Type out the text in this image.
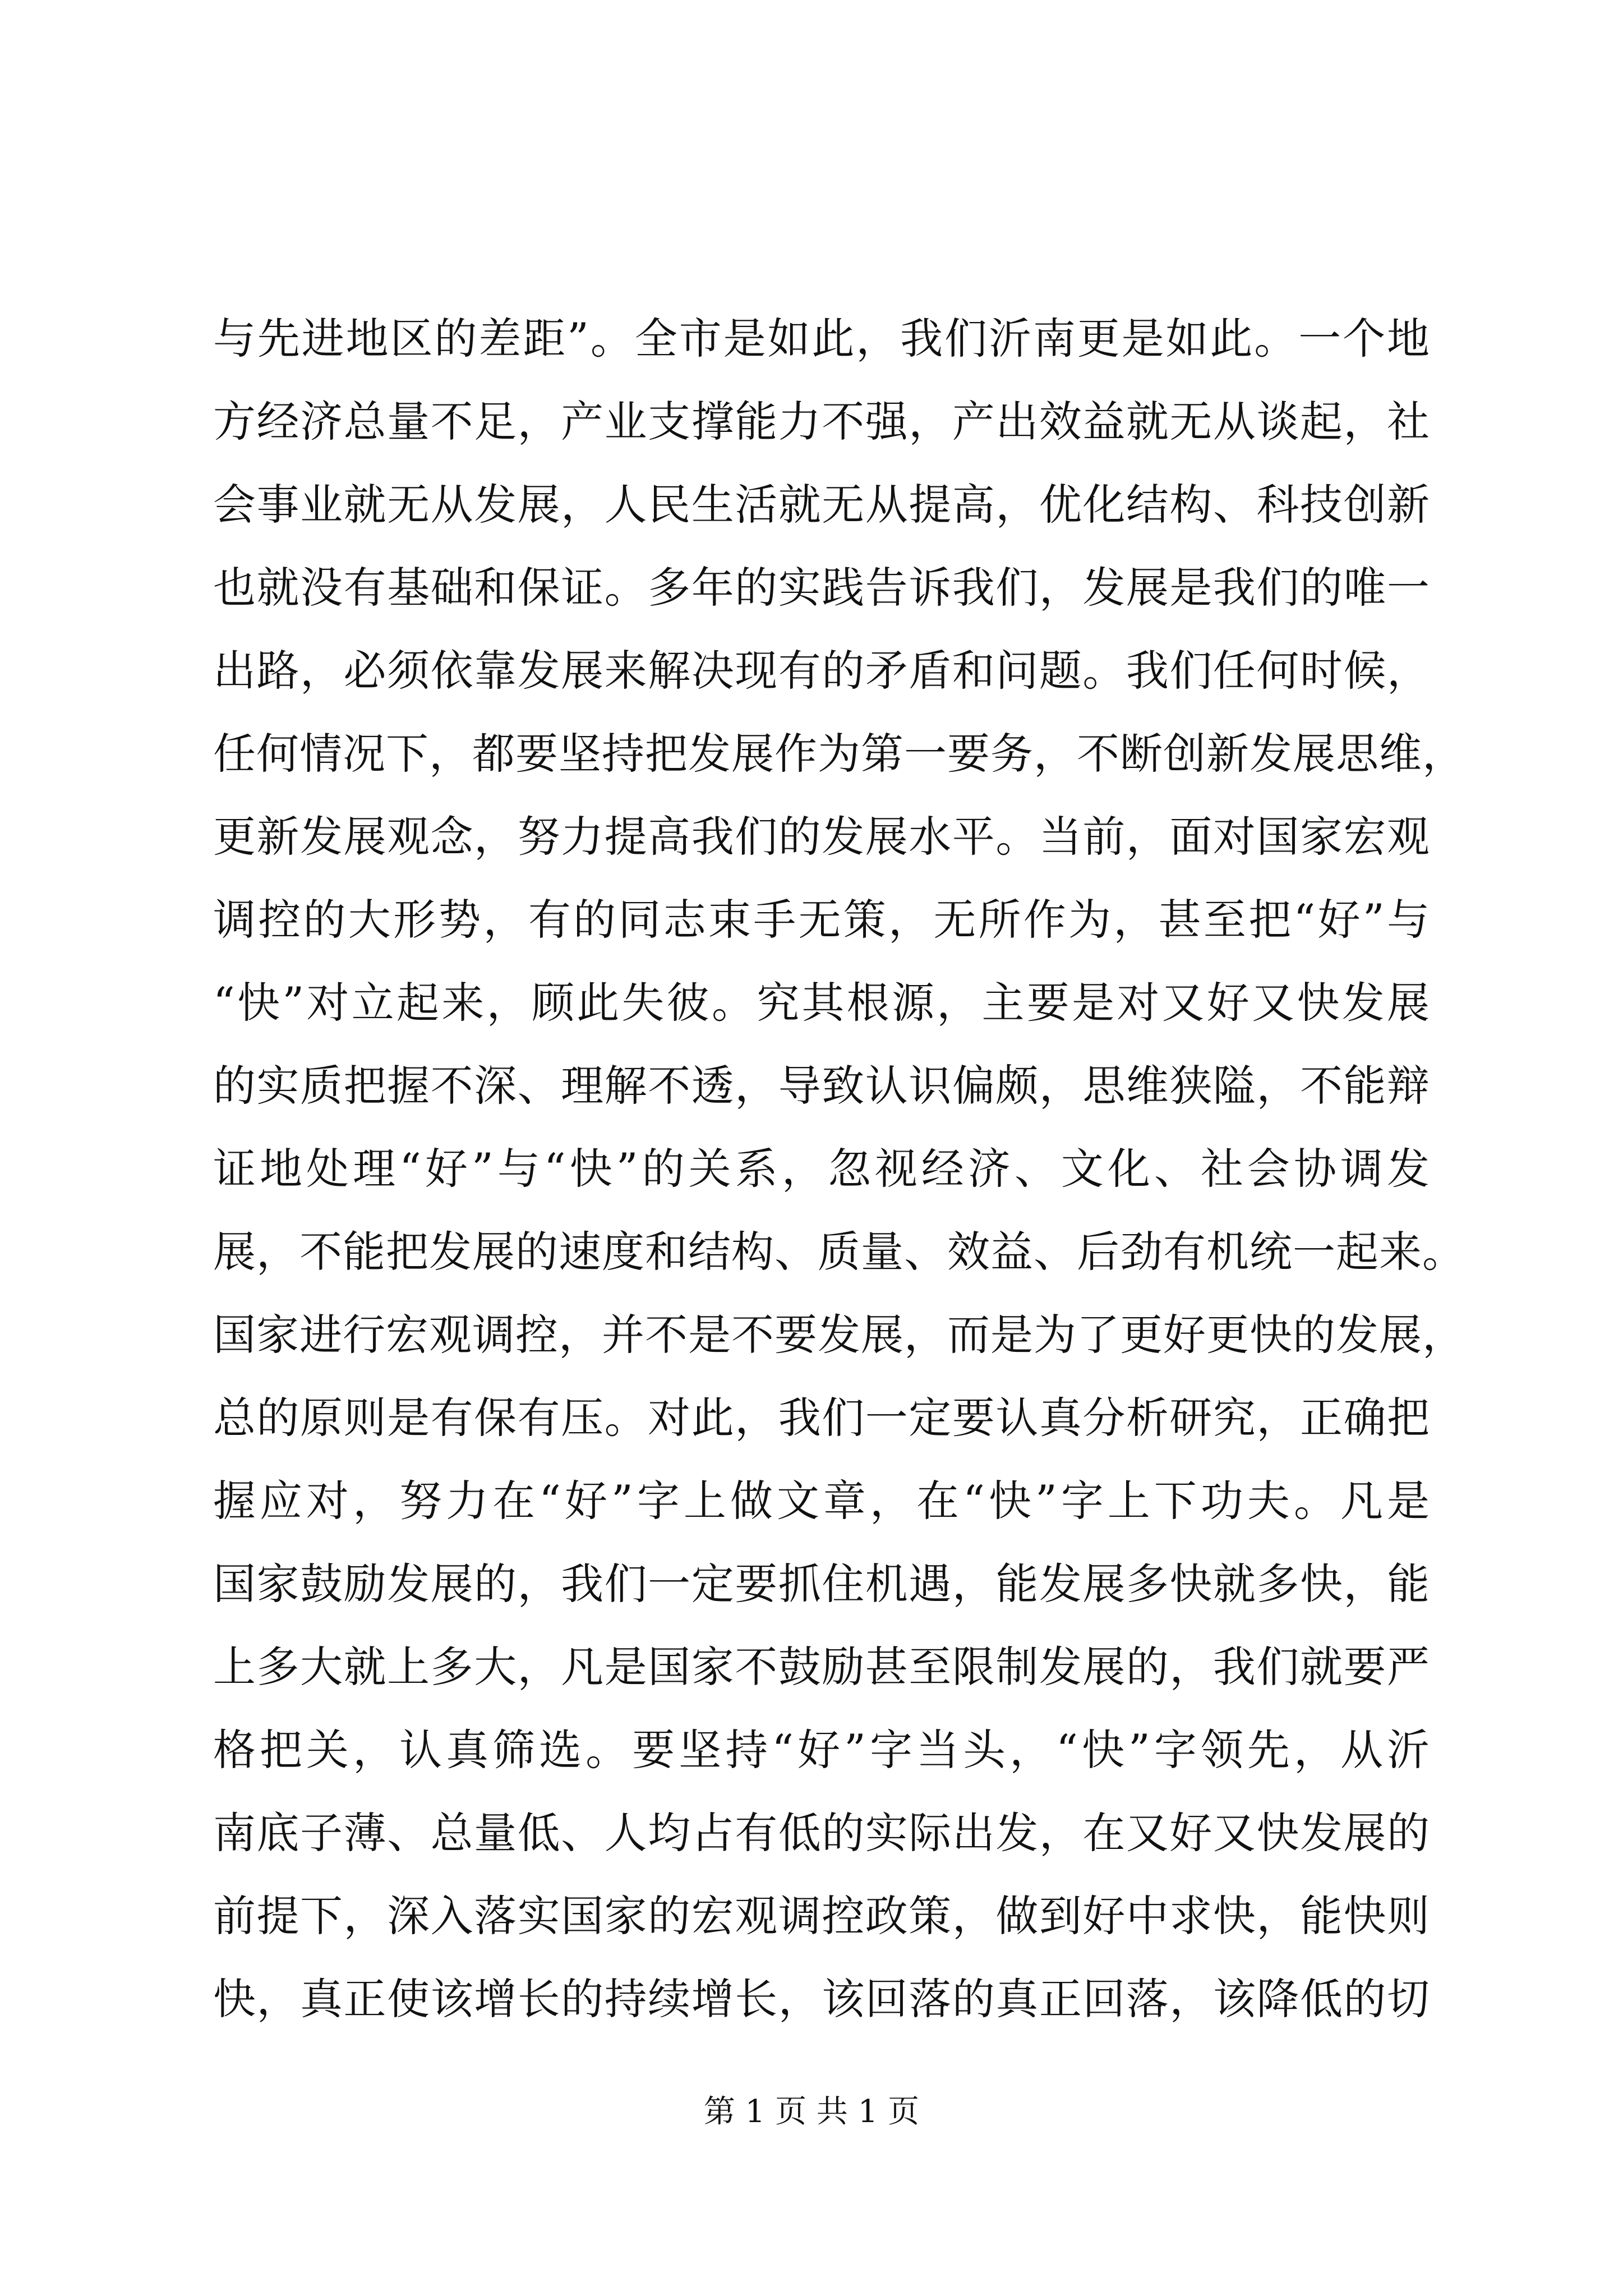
与先进地区的差距”。全市是如此，我们沂南更是如此。一个地
方经济总量不足，产业支撑能力不强，产出效益就无从谈起，社
会事业就无从发展，人民生活就无从提高，优化结构、科技创新
也就没有基础和保证。多年的实践告诉我们，发展是我们的唯一
出路，必须依靠发展来解决现有的矛盾和问题。我们任何时候，
任何情况下，都要坚持把发展作为第一要务，不断创新发展思维，
更新发展观念，努力提高我们的发展水平。当前，面对国家宏观
调控的大形势，有的同志束手无策，无所作为，甚至把“好”与
“快”对立起来，顾此失彼。究其根源，主要是对又好又快发展
的实质把握不深、理解不透，导致认识偏颇，思维狭隘，不能辩
证地处理“好”与“快”的关系，忽视经济、文化、社会协调发
展，不能把发展的速度和结构、质量、效益、后劲有机统一起来。
国家进行宏观调控，并不是不要发展，而是为了更好更快的发展，
总的原则是有保有压。对此，我们一定要认真分析研究，正确把
握应对，努力在“好”字上做文章，在“快”字上下功夫。凡是
国家鼓励发展的，我们一定要抓住机遇，能发展多快就多快，能
上多大就上多大，凡是国家不鼓励甚至限制发展的，我们就要严
格把关，认真筛选。要坚持“好”字当头，“快”字领先，从沂
南底子薄、总量低、人均占有低的实际出发，在又好又快发展的
前提下，深入落实国家的宏观调控政策，做到好中求快，能快则
快，真正使该增长的持续增长，该回落的真正回落，该降低的切
第 1 页 共 1 页
